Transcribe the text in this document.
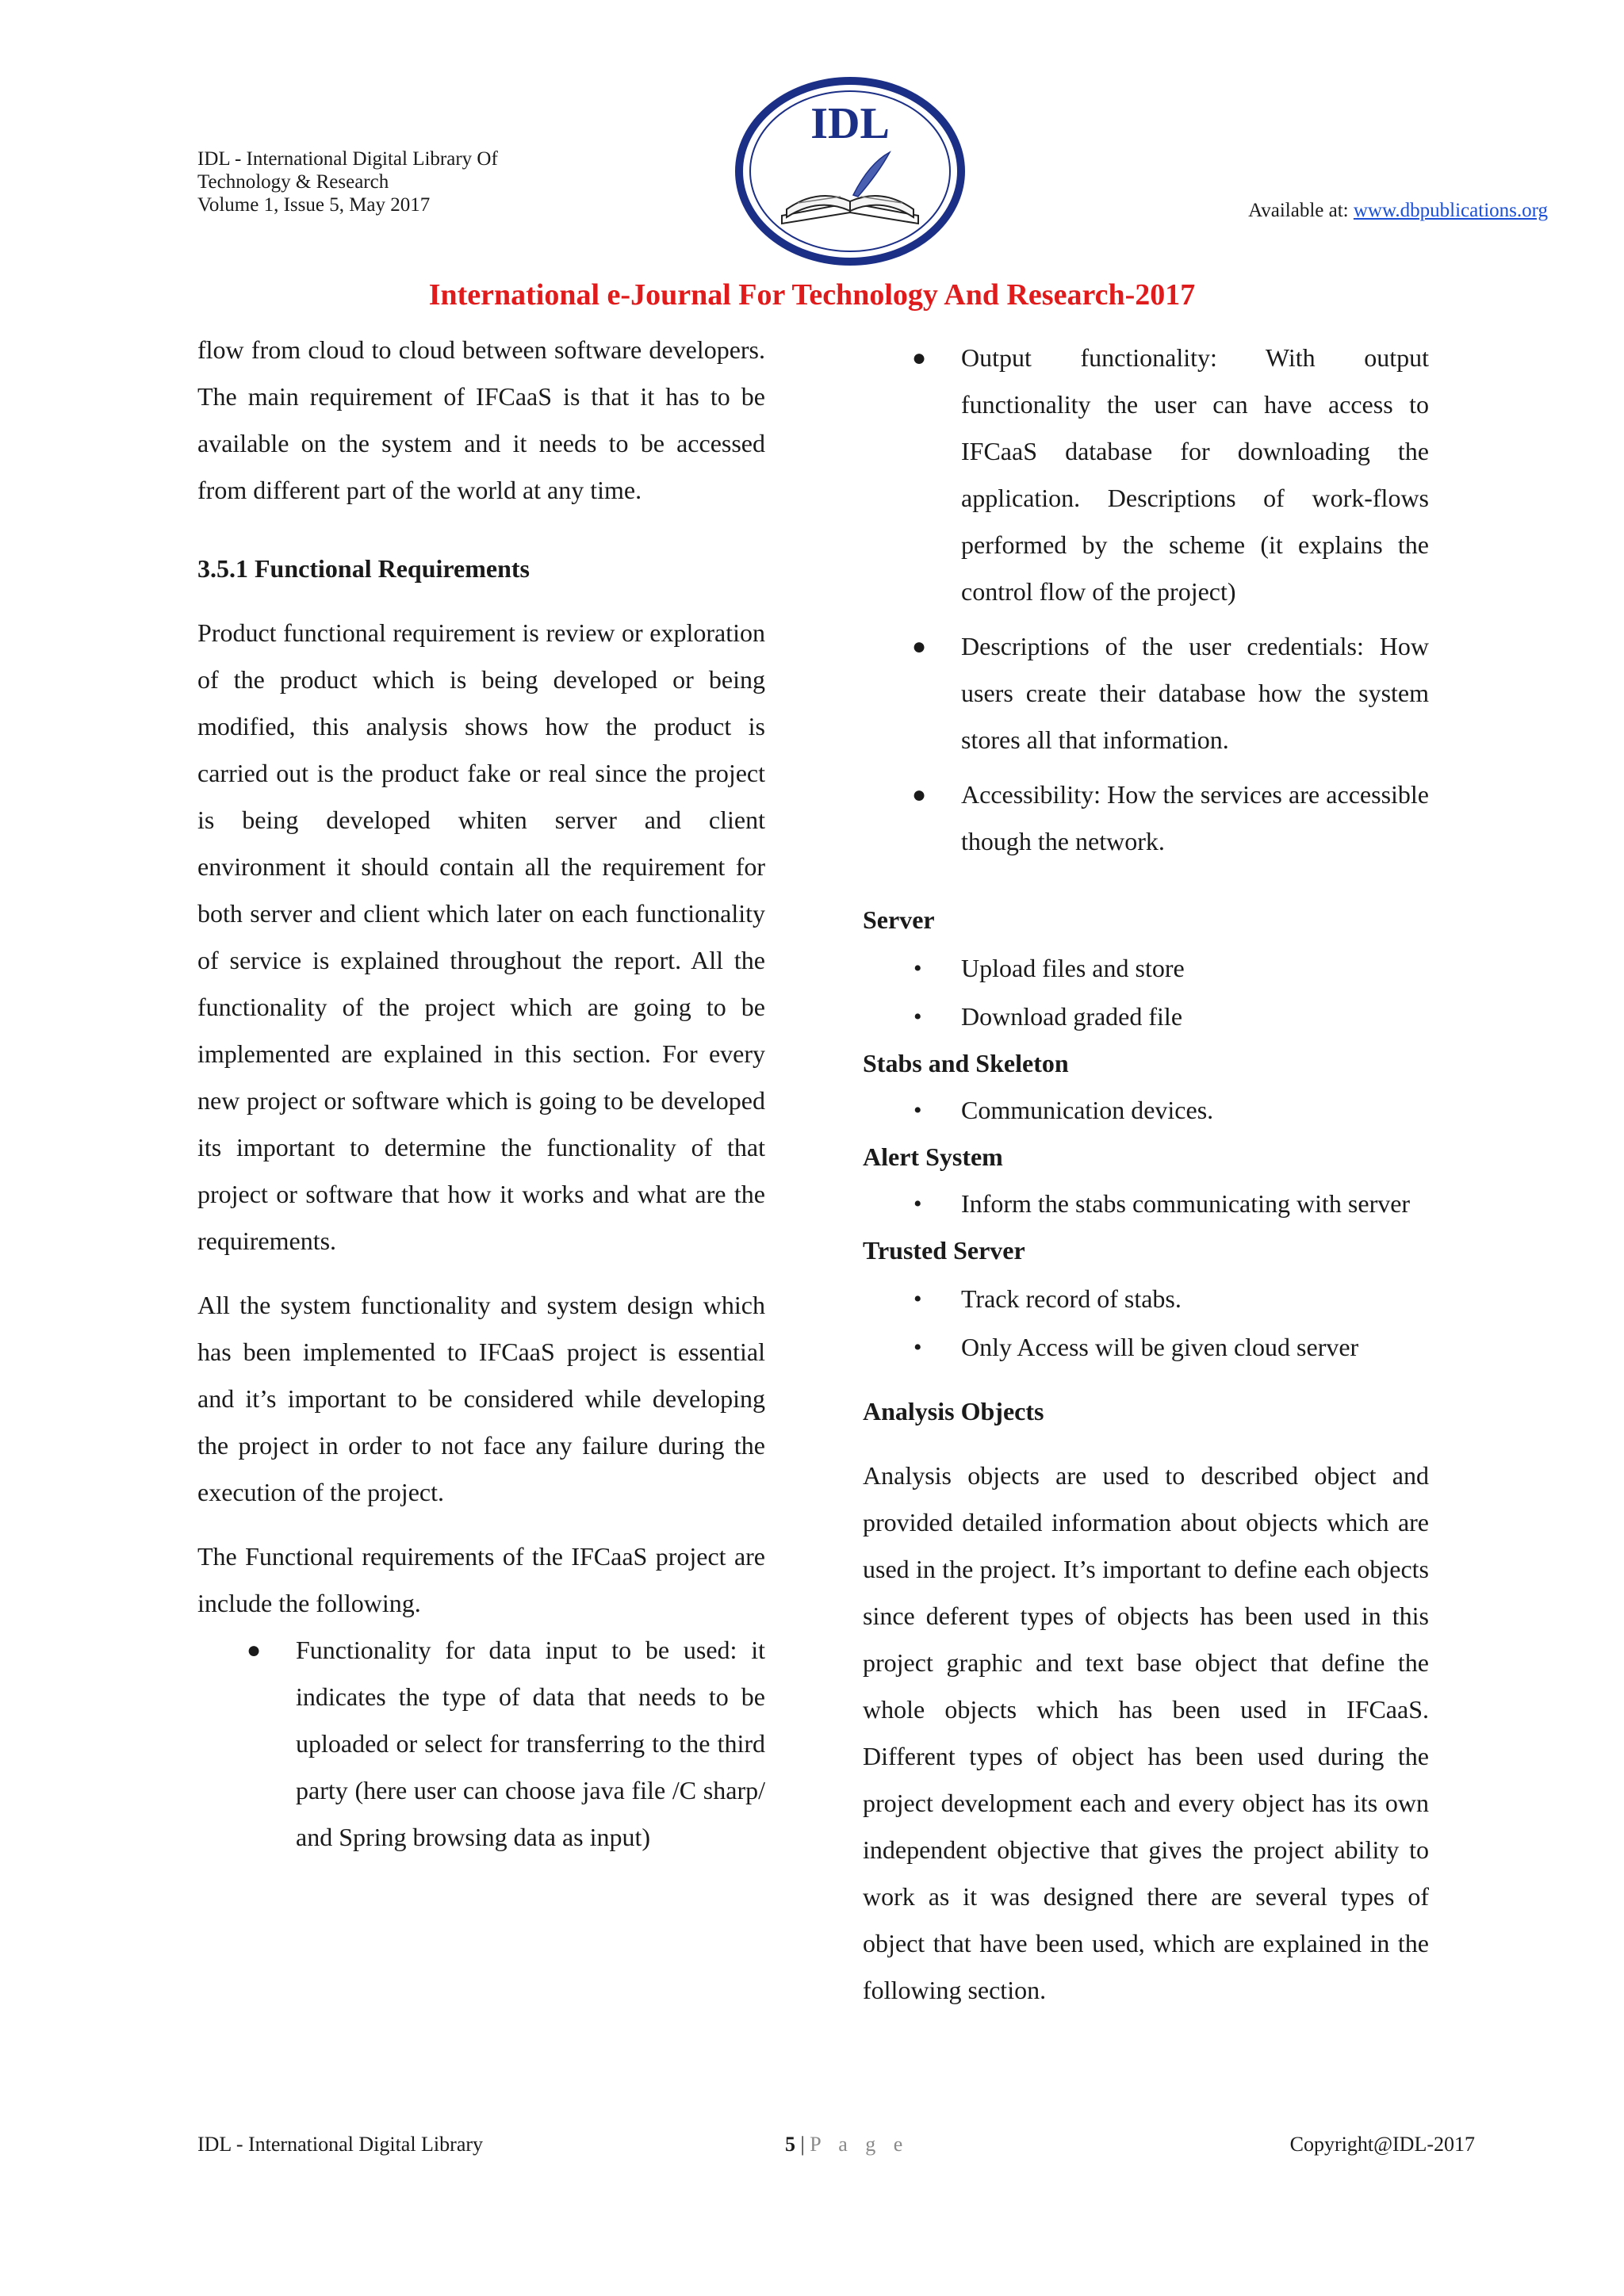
IDL - International Digital Library Of
Technology & Research
Volume 1, Issue 5, May 2017
IDL
Available at: www.dbpublications.org
International e-Journal For Technology And Research-2017

flow from cloud to cloud between software developers. The main requirement of IFCaaS is that it has to be available on the system and it needs to be accessed from different part of the world at any time.

3.5.1 Functional Requirements

Product functional requirement is review or exploration of the product which is being developed or being modified, this analysis shows how the product is carried out is the product fake or real since the project is being developed whiten server and client environment it should contain all the requirement for both server and client which later on each functionality of service is explained throughout the report. All the functionality of the project which are going to be implemented are explained in this section. For every new project or software which is going to be developed its important to determine the functionality of that project or software that how it works and what are the requirements.

All the system functionality and system design which has been implemented to IFCaaS project is essential and it’s important to be considered while developing the project in order to not face any failure during the execution of the project.

The Functional requirements of the IFCaaS project are include the following.

● Functionality for data input to be used: it indicates the type of data that needs to be uploaded or select for transferring to the third party (here user can choose java file /C sharp/ and Spring browsing data as input)
● Output functionality: With output functionality the user can have access to IFCaaS database for downloading the application. Descriptions of work-flows performed by the scheme (it explains the control flow of the project)
● Descriptions of the user credentials: How users create their database how the system stores all that information.
● Accessibility: How the services are accessible though the network.
Server
• Upload files and store
• Download graded file
Stabs and Skeleton
• Communication devices.
Alert System
• Inform the stabs communicating with server
Trusted Server
• Track record of stabs.
• Only Access will be given cloud server
Analysis Objects

Analysis objects are used to described object and provided detailed information about objects which are used in the project. It’s important to define each objects since deferent types of objects has been used in this project graphic and text base object that define the whole objects which has been used in IFCaaS. Different types of object has been used during the project development each and every object has its own independent objective that gives the project ability to work as it was designed there are several types of object that have been used, which are explained in the following section.

IDL - International Digital Library	5 | P a g e	Copyright@IDL-2017
